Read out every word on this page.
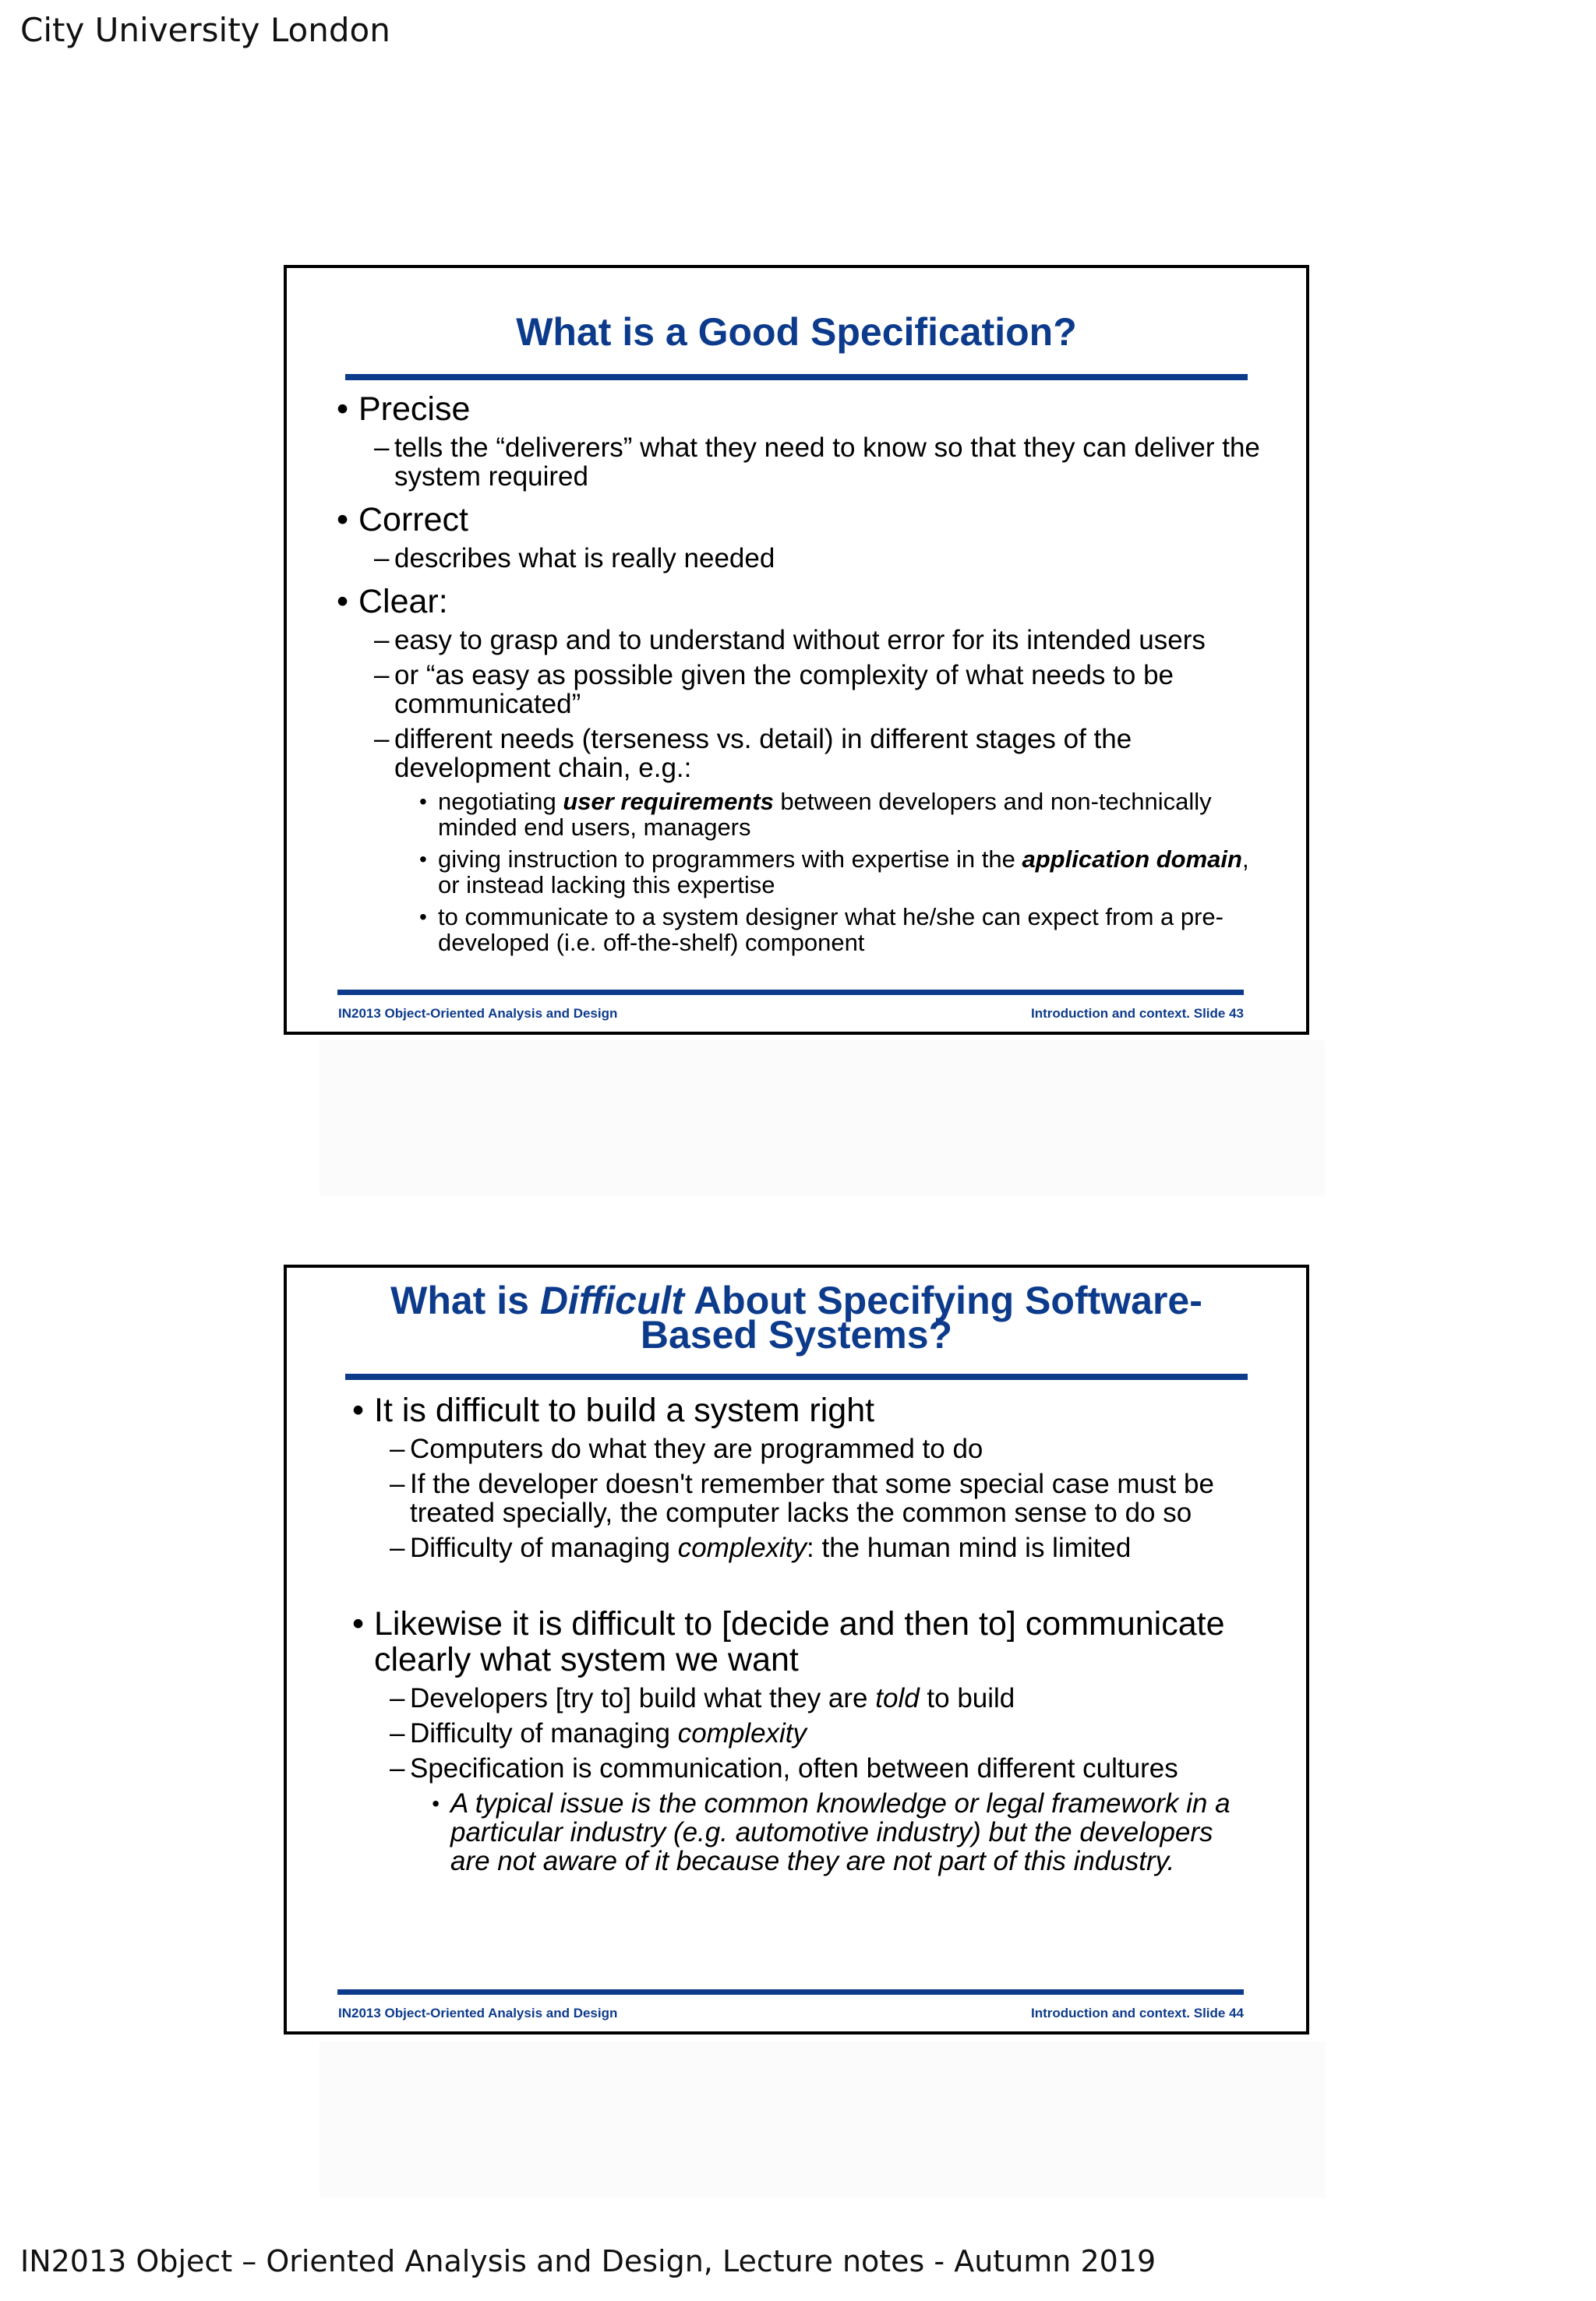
City University London
What is a Good Specification?
• Precise
– tells the “deliverers” what they need to know so that they can deliver the system required
• Correct
– describes what is really needed
• Clear:
– easy to grasp and to understand without error for its intended users
– or “as easy as possible given the complexity of what needs to be communicated”
– different needs (terseness vs. detail) in different stages of the development chain, e.g.:
• negotiating user requirements between developers and non-technically minded end users, managers
• giving instruction to programmers with expertise in the application domain, or instead lacking this expertise
• to communicate to a system designer what he/she can expect from a pre-developed (i.e. off-the-shelf) component
IN2013 Object-Oriented Analysis and Design	Introduction and context. Slide 43
What is Difficult About Specifying Software-Based Systems?
• It is difficult to build a system right
– Computers do what they are programmed to do
– If the developer doesn't remember that some special case must be treated specially, the computer lacks the common sense to do so
– Difficulty of managing complexity: the human mind is limited
• Likewise it is difficult to [decide and then to] communicate clearly what system we want
– Developers [try to] build what they are told to build
– Difficulty of managing complexity
– Specification is communication, often between different cultures
• A typical issue is the common knowledge or legal framework in a particular industry (e.g. automotive industry) but the developers are not aware of it because they are not part of this industry.
IN2013 Object-Oriented Analysis and Design	Introduction and context. Slide 44
IN2013 Object – Oriented Analysis and Design, Lecture notes - Autumn 2019
